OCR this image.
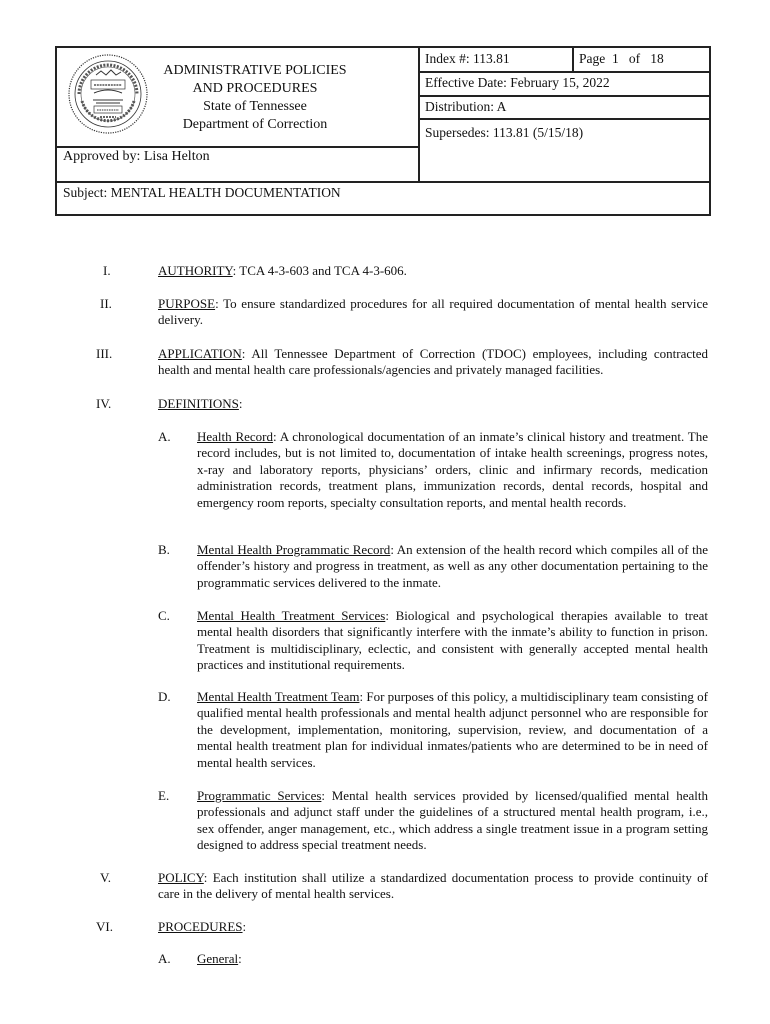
ADMINISTRATIVE POLICIES
AND PROCEDURES
State of Tennessee
Department of Correction
Index #: 113.81	Page 1 of 18
Effective Date: February 15, 2022
Distribution: A
Supersedes: 113.81 (5/15/18)
Approved by: Lisa Helton
Subject: MENTAL HEALTH DOCUMENTATION
I.	AUTHORITY: TCA 4-3-603 and TCA 4-3-606.
II.	PURPOSE: To ensure standardized procedures for all required documentation of mental health service delivery.
III.	APPLICATION: All Tennessee Department of Correction (TDOC) employees, including contracted health and mental health care professionals/agencies and privately managed facilities.
IV.	DEFINITIONS:
A. Health Record: A chronological documentation of an inmate’s clinical history and treatment. The record includes, but is not limited to, documentation of intake health screenings, progress notes, x-ray and laboratory reports, physicians’ orders, clinic and infirmary records, medication administration records, treatment plans, immunization records, dental records, hospital and emergency room reports, specialty consultation reports, and mental health records.
B. Mental Health Programmatic Record: An extension of the health record which compiles all of the offender’s history and progress in treatment, as well as any other documentation pertaining to the programmatic services delivered to the inmate.
C. Mental Health Treatment Services: Biological and psychological therapies available to treat mental health disorders that significantly interfere with the inmate’s ability to function in prison. Treatment is multidisciplinary, eclectic, and consistent with generally accepted mental health practices and institutional requirements.
D. Mental Health Treatment Team: For purposes of this policy, a multidisciplinary team consisting of qualified mental health professionals and mental health adjunct personnel who are responsible for the development, implementation, monitoring, supervision, review, and documentation of a mental health treatment plan for individual inmates/patients who are determined to be in need of mental health services.
E. Programmatic Services: Mental health services provided by licensed/qualified mental health professionals and adjunct staff under the guidelines of a structured mental health program, i.e., sex offender, anger management, etc., which address a single treatment issue in a program setting designed to address special treatment needs.
V.	POLICY: Each institution shall utilize a standardized documentation process to provide continuity of care in the delivery of mental health services.
VI.	PROCEDURES:
A. General:
